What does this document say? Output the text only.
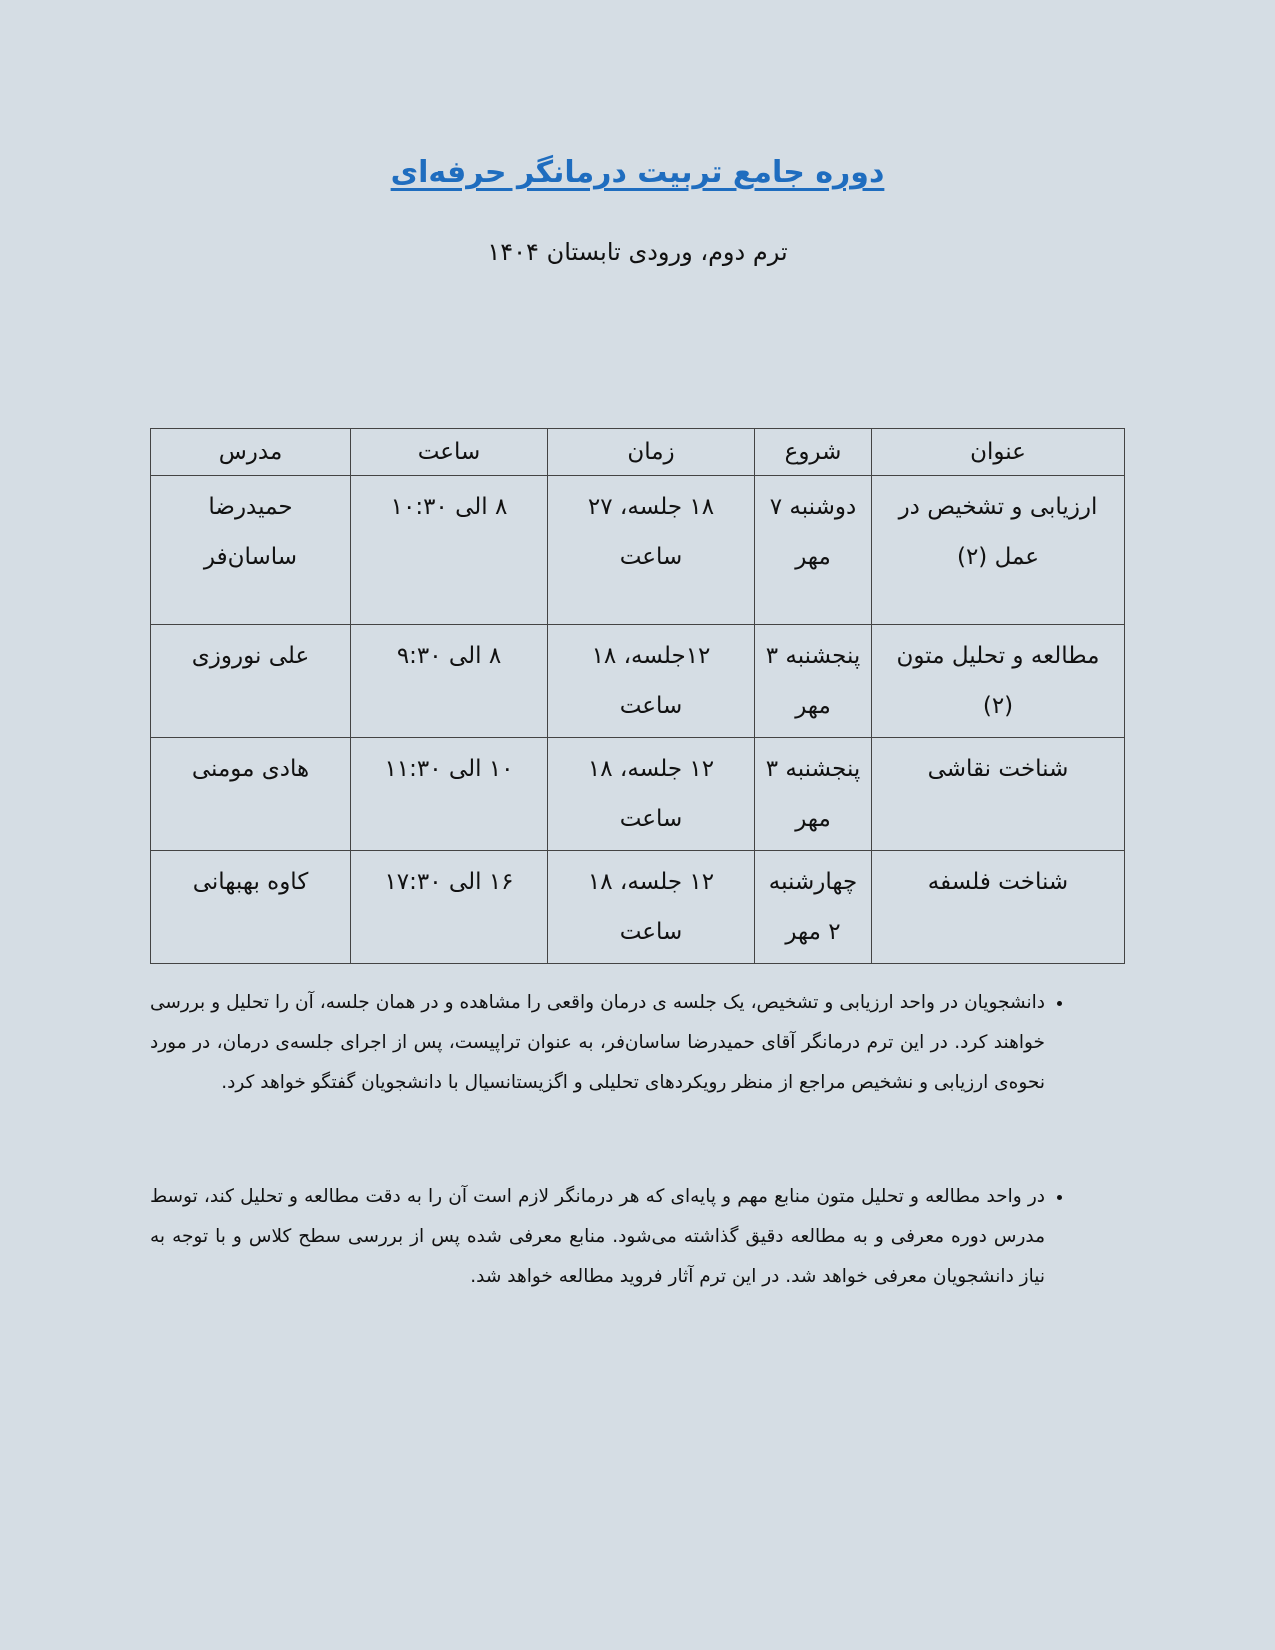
دوره جامع تربیت درمانگر حرفه‌ای
ترم دوم، ورودی تابستان ۱۴۰۴
عنوان	شروع	زمان	ساعت	مدرس
ارزیابی و تشخیص در عمل (۲)	دوشنبه ۷ مهر	۱۸ جلسه، ۲۷ ساعت	۸ الی ۱۰:۳۰	حمیدرضا ساسان‌فر
مطالعه و تحلیل متون (۲)	پنجشنبه ۳ مهر	۱۲جلسه، ۱۸ ساعت	۸ الی ۹:۳۰	علی نوروزی
شناخت نقاشی	پنجشنبه ۳ مهر	۱۲ جلسه، ۱۸ ساعت	۱۰ الی ۱۱:۳۰	هادی مومنی
شناخت فلسفه	چهارشنبه ۲ مهر	۱۲ جلسه، ۱۸ ساعت	۱۶ الی ۱۷:۳۰	کاوه بهبهانی
• دانشجویان در واحد ارزیابی و تشخیص، یک جلسه ی درمان واقعی را مشاهده و در همان جلسه، آن را تحلیل و بررسی خواهند کرد. در این ترم درمانگر آقای حمیدرضا ساسان‌فر، به عنوان تراپیست، پس از اجرای جلسه‌ی درمان، در مورد نحوه‌ی ارزیابی و نشخیص مراجع از منظر رویکردهای تحلیلی و اگزیستانسیال با دانشجویان گفتگو خواهد کرد.
• در واحد مطالعه و تحلیل متون منابع مهم و پایه‌ای که هر درمانگر لازم است آن را به دقت مطالعه و تحلیل کند، توسط مدرس دوره معرفی و به مطالعه دقیق گذاشته می‌شود. منابع معرفی شده پس از بررسی سطح کلاس و با توجه به نیاز دانشجویان معرفی خواهد شد. در این ترم آثار فروید مطالعه خواهد شد.
